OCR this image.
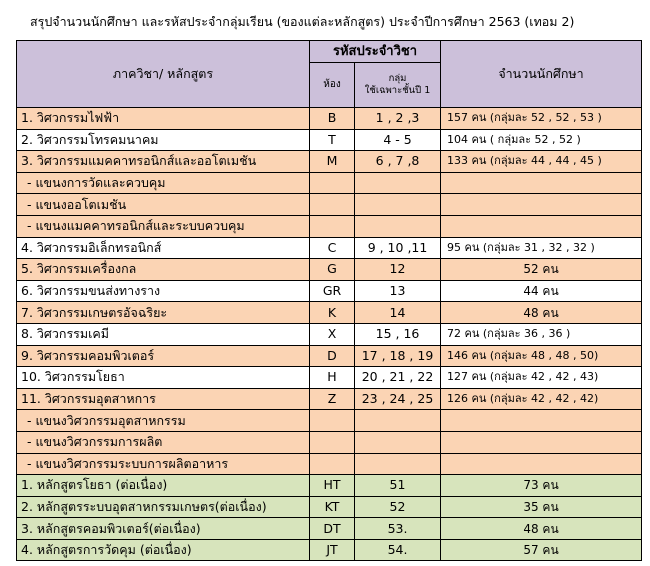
สรุปจำนวนนักศึกษา และรหัสประจำกลุ่มเรียน (ของแต่ละหลักสูตร) ประจำปีการศึกษา 2563 (เทอม 2)
ภาควิชา/ หลักสูตร	รหัสประจำวิชา		จำนวนนักศึกษา
	ห้อง	กลุ่ม
ใช้เฉพาะชั้นปี 1	

1. วิศวกรรมไฟฟ้า	B	1 , 2 ,3	157 คน (กลุ่มละ 52 , 52 , 53 )
2. วิศวกรรมโทรคมนาคม	T	4 - 5	104 คน ( กลุ่มละ 52 , 52 )
3. วิศวกรรมแมคคาทรอนิกส์และออโตเมชัน	M	6 , 7 ,8	133 คน (กลุ่มละ 44 , 44 , 45 )
- แขนงการวัดและควบคุม			
- แขนงออโตเมชัน			
- แขนงแมคคาทรอนิกส์และระบบควบคุม			
4. วิศวกรรมอิเล็กทรอนิกส์	C	9 , 10 ,11	95 คน (กลุ่มละ 31 , 32 , 32 )
5. วิศวกรรมเครื่องกล	G	12	52 คน
6. วิศวกรรมขนส่งทางราง	GR	13	44 คน
7. วิศวกรรมเกษตรอัจฉริยะ	K	14	48 คน
8. วิศวกรรมเคมี	X	15 , 16	72 คน (กลุ่มละ 36 , 36 )
9. วิศวกรรมคอมพิวเตอร์	D	17 , 18 , 19	146 คน (กลุ่มละ 48 , 48 , 50)
10. วิศวกรรมโยธา	H	20 , 21 , 22	127 คน (กลุ่มละ 42 , 42 , 43)
11. วิศวกรรมอุตสาหการ	Z	23 , 24 , 25	126 คน (กลุ่มละ 42 , 42 , 42)
- แขนงวิศวกรรมอุตสาหกรรม			
- แขนงวิศวกรรมการผลิต			
- แขนงวิศวกรรมระบบการผลิตอาหาร			
1. หลักสูตรโยธา (ต่อเนื่อง)	HT	51	73 คน
2. หลักสูตรระบบอุตสาหกรรมเกษตร(ต่อเนื่อง)	KT	52	35 คน
3. หลักสูตรคอมพิวเตอร์(ต่อเนื่อง)	DT	53.	48 คน
4. หลักสูตรการวัดคุม (ต่อเนื่อง)	JT	54.	57 คน
